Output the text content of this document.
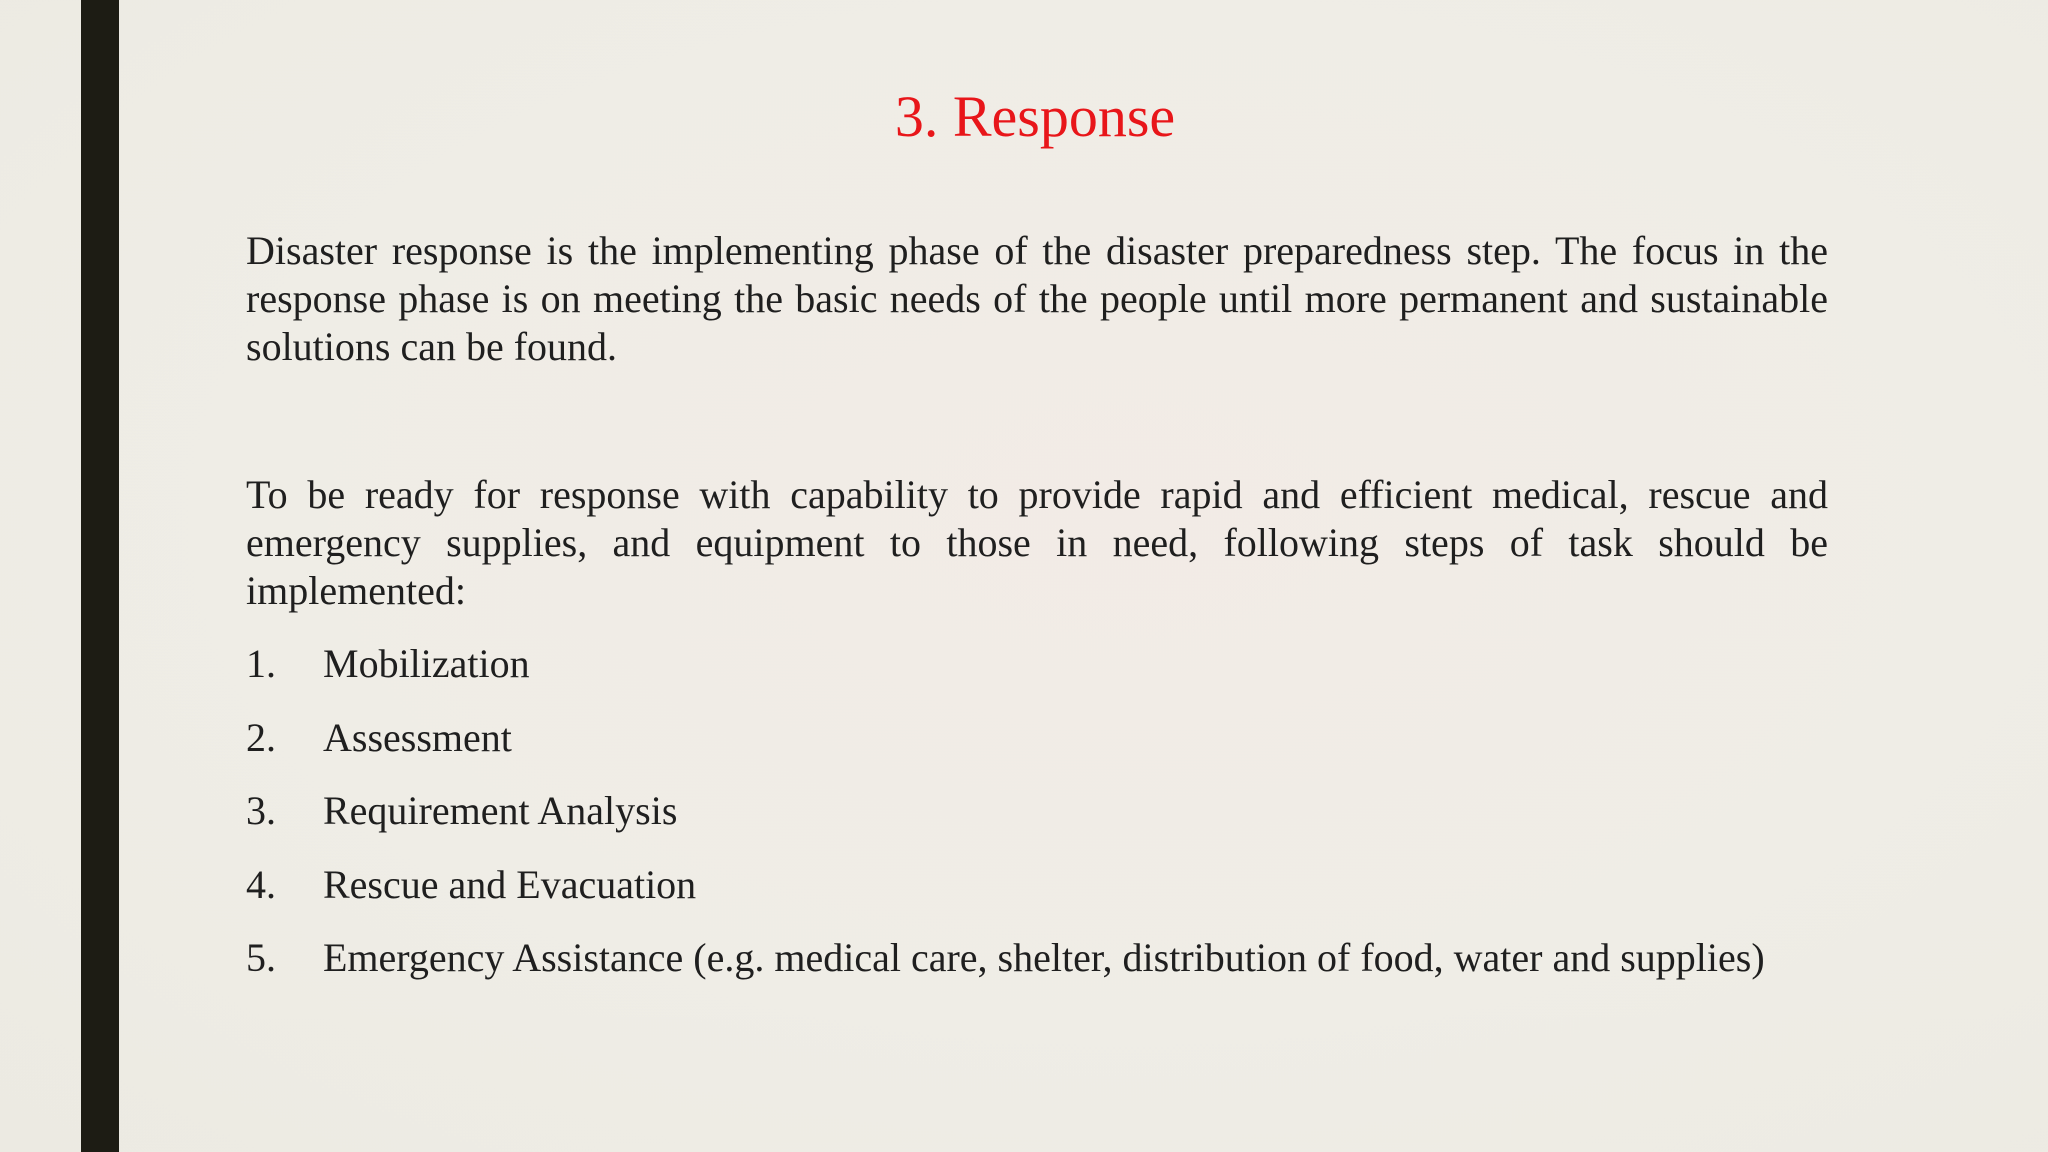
3. Response

Disaster response is the implementing phase of the disaster preparedness step. The focus in the response phase is on meeting the basic needs of the people until more permanent and sustainable solutions can be found.

To be ready for response with capability to provide rapid and efficient medical, rescue and emergency supplies, and equipment to those in need, following steps of task should be implemented:

1.	Mobilization
2.	Assessment
3.	Requirement Analysis
4.	Rescue and Evacuation
5.	Emergency Assistance (e.g. medical care, shelter, distribution of food, water and supplies)
